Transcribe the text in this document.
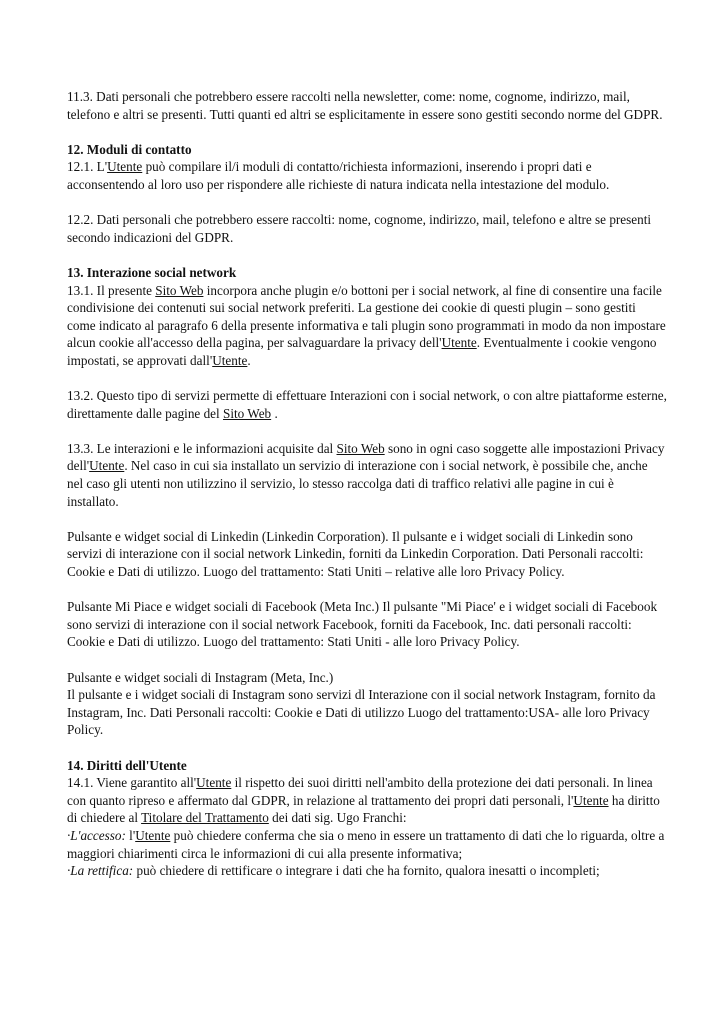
11.3. Dati personali che potrebbero essere raccolti nella newsletter, come: nome, cognome, indirizzo, mail, telefono e altri se presenti. Tutti quanti ed altri se esplicitamente in essere sono gestiti secondo norme del GDPR.

12. Moduli di contatto

12.1. L'Utente può compilare il/i moduli di contatto/richiesta informazioni, inserendo i propri dati e acconsentendo al loro uso per rispondere alle richieste di natura indicata nella intestazione del modulo.

12.2. Dati personali che potrebbero essere raccolti: nome, cognome, indirizzo, mail, telefono e altre se presenti secondo indicazioni del GDPR.

13. Interazione social network

13.1. Il presente Sito Web incorpora anche plugin e/o bottoni per i social network, al fine di consentire una facile condivisione dei contenuti sui social network preferiti. La gestione dei cookie di questi plugin – sono gestiti come indicato al paragrafo 6 della presente informativa e tali plugin sono programmati in modo da non impostare alcun cookie all'accesso della pagina, per salvaguardare la privacy dell'Utente. Eventualmente i cookie vengono impostati, se approvati dall'Utente.

13.2. Questo tipo di servizi permette di effettuare Interazioni con i social network, o con altre piattaforme esterne, direttamente dalle pagine del Sito Web .

13.3. Le interazioni e le informazioni acquisite dal Sito Web sono in ogni caso soggette alle impostazioni Privacy dell'Utente. Nel caso in cui sia installato un servizio di interazione con i social network, è possibile che, anche nel caso gli utenti non utilizzino il servizio, lo stesso raccolga dati di traffico relativi alle pagine in cui è installato.

Pulsante e widget social di Linkedin (Linkedin Corporation). Il pulsante e i widget sociali di Linkedin sono servizi di interazione con il social network Linkedin, forniti da Linkedin Corporation. Dati Personali raccolti: Cookie e Dati di utilizzo. Luogo del trattamento: Stati Uniti – relative alle loro Privacy Policy.

Pulsante Mi Piace e widget sociali di Facebook (Meta Inc.) Il pulsante "Mi Piace' e i widget sociali di Facebook sono servizi di interazione con il social network Facebook, forniti da Facebook, Inc. dati personali raccolti: Cookie e Dati di utilizzo. Luogo del trattamento: Stati Uniti - alle loro Privacy Policy.

Pulsante e widget sociali di Instagram (Meta, Inc.)

Il pulsante e i widget sociali di Instagram sono servizi dl Interazione con il social network Instagram, fornito da Instagram, Inc. Dati Personali raccolti: Cookie e Dati di utilizzo Luogo del trattamento:USA- alle loro Privacy Policy.

14. Diritti dell'Utente

14.1. Viene garantito all'Utente il rispetto dei suoi diritti nell'ambito della protezione dei dati personali. In linea con quanto ripreso e affermato dal GDPR, in relazione al trattamento dei propri dati personali, l'Utente ha diritto di chiedere al Titolare del Trattamento dei dati sig. Ugo Franchi:

·L'accesso: l'Utente può chiedere conferma che sia o meno in essere un trattamento di dati che lo riguarda, oltre a maggiori chiarimenti circa le informazioni di cui alla presente informativa;

·La rettifica: può chiedere di rettificare o integrare i dati che ha fornito, qualora inesatti o incompleti;
